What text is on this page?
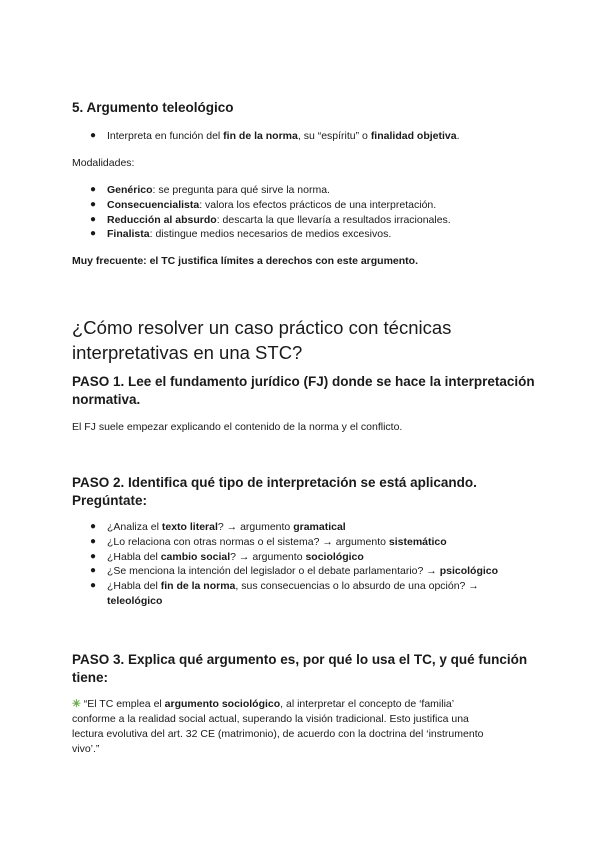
5. Argumento teleológico
● Interpreta en función del fin de la norma, su “espíritu” o finalidad objetiva.
Modalidades:
● Genérico: se pregunta para qué sirve la norma.
● Consecuencialista: valora los efectos prácticos de una interpretación.
● Reducción al absurdo: descarta la que llevaría a resultados irracionales.
● Finalista: distingue medios necesarios de medios excesivos.
Muy frecuente: el TC justifica límites a derechos con este argumento.
¿Cómo resolver un caso práctico con técnicas
interpretativas en una STC?
PASO 1. Lee el fundamento jurídico (FJ) donde se hace la interpretación
normativa.
El FJ suele empezar explicando el contenido de la norma y el conflicto.
PASO 2. Identifica qué tipo de interpretación se está aplicando.
Pregúntate:
● ¿Analiza el texto literal? → argumento gramatical
● ¿Lo relaciona con otras normas o el sistema? → argumento sistemático
● ¿Habla del cambio social? → argumento sociológico
● ¿Se menciona la intención del legislador o el debate parlamentario? → psicológico
● ¿Habla del fin de la norma, sus consecuencias o lo absurdo de una opción? →
teleológico
PASO 3. Explica qué argumento es, por qué lo usa el TC, y qué función
tiene:
✳ “El TC emplea el argumento sociológico, al interpretar el concepto de ‘familia’
conforme a la realidad social actual, superando la visión tradicional. Esto justifica una
lectura evolutiva del art. 32 CE (matrimonio), de acuerdo con la doctrina del ‘instrumento
vivo’.”
